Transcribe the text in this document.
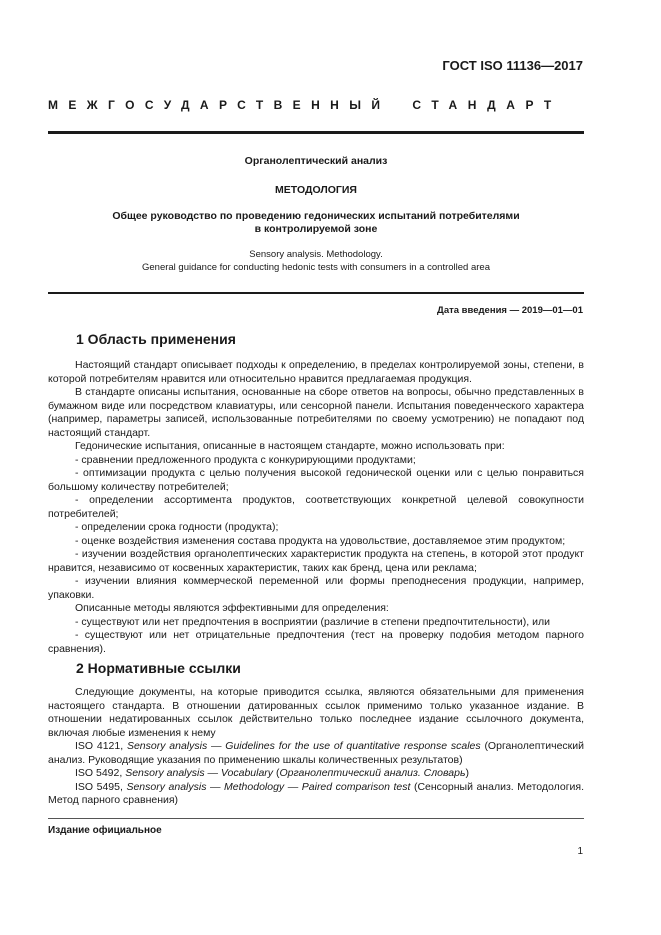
ГОСТ ISO 11136—2017
МЕЖГОСУДАРСТВЕННЫЙ СТАНДАРТ
Органолептический анализ
МЕТОДОЛОГИЯ
Общее руководство по проведению гедонических испытаний потребителями
в контролируемой зоне
Sensory analysis. Methodology.
General guidance for conducting hedonic tests with consumers in a controlled area
Дата введения — 2019—01—01
1 Область применения

Настоящий стандарт описывает подходы к определению, в пределах контролируемой зоны, степени, в которой потребителям нравится или относительно нравится предлагаемая продукция.

В стандарте описаны испытания, основанные на сборе ответов на вопросы, обычно представленных в бумажном виде или посредством клавиатуры, или сенсорной панели. Испытания поведенческого характера (например, параметры записей, использованные потребителями по своему усмотрению) не попадают под настоящий стандарт.

Гедонические испытания, описанные в настоящем стандарте, можно использовать при:

- сравнении предложенного продукта с конкурирующими продуктами;

- оптимизации продукта с целью получения высокой гедонической оценки или с целью понравиться большому количеству потребителей;

- определении ассортимента продуктов, соответствующих конкретной целевой совокупности потребителей;

- определении срока годности (продукта);

- оценке воздействия изменения состава продукта на удовольствие, доставляемое этим продуктом;

- изучении воздействия органолептических характеристик продукта на степень, в которой этот продукт нравится, независимо от косвенных характеристик, таких как бренд, цена или реклама;

- изучении влияния коммерческой переменной или формы преподнесения продукции, например, упаковки.

Описанные методы являются эффективными для определения:

- существуют или нет предпочтения в восприятии (различие в степени предпочтительности), или

- существуют или нет отрицательные предпочтения (тест на проверку подобия методом парного сравнения).

2 Нормативные ссылки

Следующие документы, на которые приводится ссылка, являются обязательными для применения настоящего стандарта. В отношении датированных ссылок применимо только указанное издание. В отношении недатированных ссылок действительно только последнее издание ссылочного документа, включая любые изменения к нему

ISO 4121, Sensory analysis — Guidelines for the use of quantitative response scales (Органолептический анализ. Руководящие указания по применению шкалы количественных результатов)

ISO 5492, Sensory analysis — Vocabulary (Органолептический анализ. Словарь)

ISO 5495, Sensory analysis — Methodology — Paired comparison test (Сенсорный анализ. Методология. Метод парного сравнения)

Издание официальное
1
